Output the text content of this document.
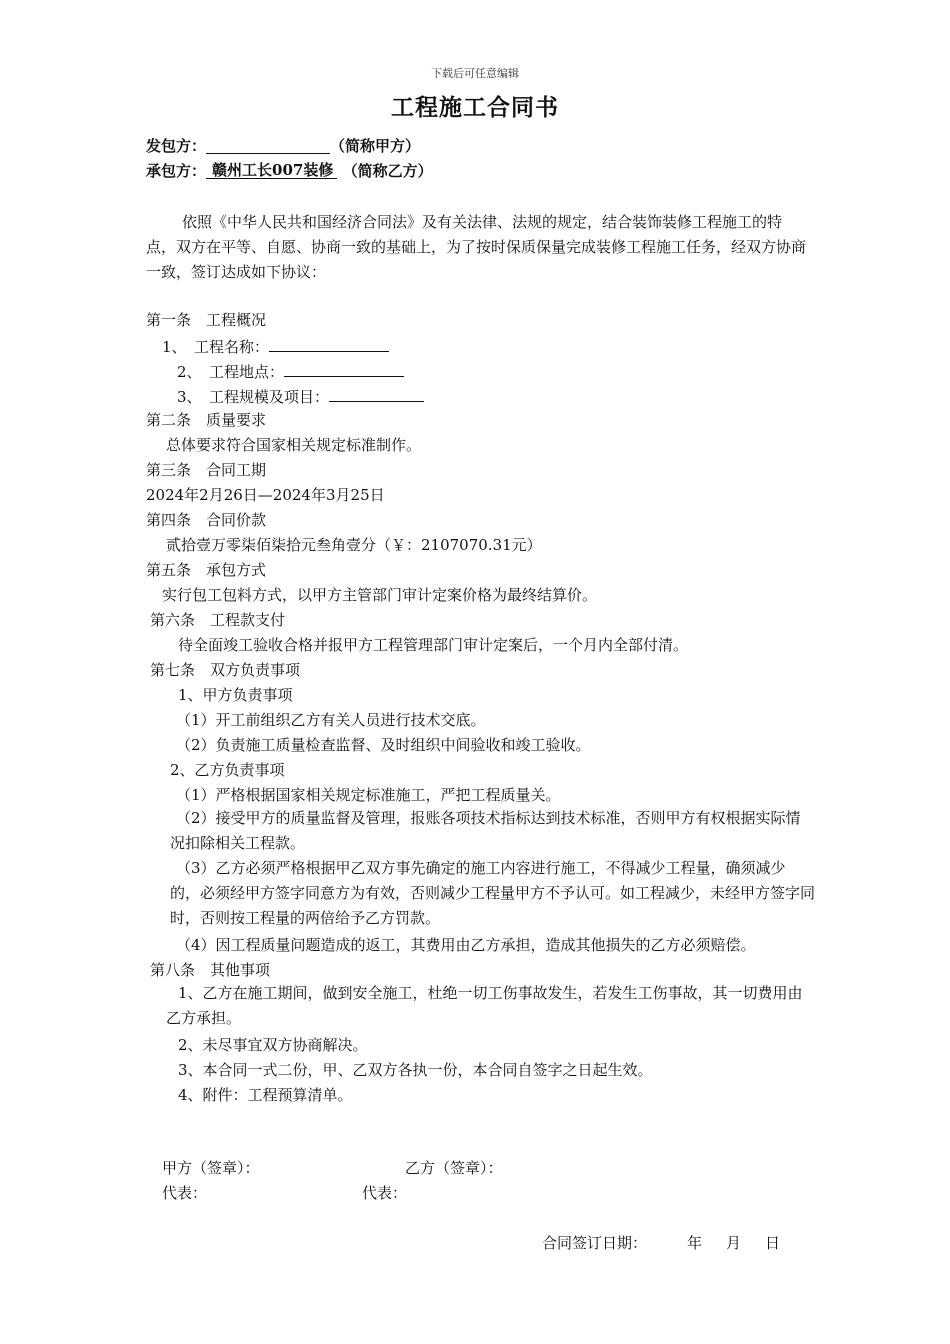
下载后可任意编辑
工程施工合同书
发包方：	（简称甲方）
承包方： 赣州工长007装修 （简称乙方）
依照《中华人民共和国经济合同法》及有关法律、法规的规定，结合装饰装修工程施工的特点，双方在平等、自愿、协商一致的基础上，为了按时保质保量完成装修工程施工任务，经双方协商一致，签订达成如下协议：
第一条　工程概况
1、　工程名称：
2、　工程地点：
3、　工程规模及项目：
第二条　质量要求
总体要求符合国家相关规定标准制作。
第三条　合同工期
2024年2月26日—2024年3月25日
第四条　合同价款
贰拾壹万零柒佰柒拾元叁角壹分（￥：2107070.31元）
第五条　承包方式
实行包工包料方式，以甲方主管部门审计定案价格为最终结算价。
第六条　工程款支付
待全面竣工验收合格并报甲方工程管理部门审计定案后，一个月内全部付清。
第七条　双方负责事项
1、甲方负责事项
（1）开工前组织乙方有关人员进行技术交底。
（2）负责施工质量检查监督、及时组织中间验收和竣工验收。
2、乙方负责事项
（1）严格根据国家相关规定标准施工，严把工程质量关。
（2）接受甲方的质量监督及管理，报账各项技术指标达到技术标准，否则甲方有权根据实际情况扣除相关工程款。
（3）乙方必须严格根据甲乙双方事先确定的施工内容进行施工，不得减少工程量，确须减少的，必须经甲方签字同意方为有效，否则减少工程量甲方不予认可。如工程减少，未经甲方签字同时，否则按工程量的两倍给予乙方罚款。
（4）因工程质量问题造成的返工，其费用由乙方承担，造成其他损失的乙方必须赔偿。
第八条　其他事项
1、乙方在施工期间，做到安全施工，杜绝一切工伤事故发生，若发生工伤事故，其一切费用由乙方承担。
2、未尽事宜双方协商解决。
3、本合同一式二份，甲、乙双方各执一份，本合同自签字之日起生效。
4、附件：工程预算清单。
甲方（签章）：	乙方（签章）：
代表：	代表：
合同签订日期：	年 月 日
